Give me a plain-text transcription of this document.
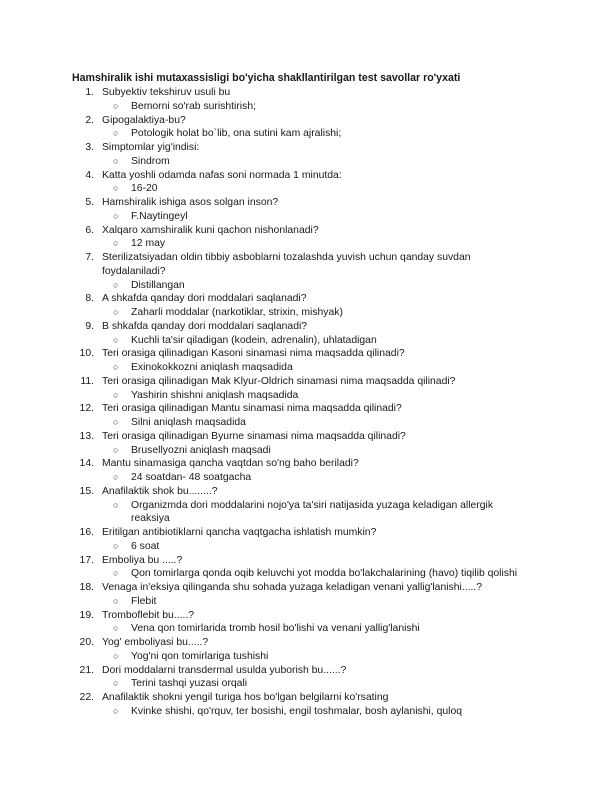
Hamshiralik ishi mutaxassisligi bo'yicha shakllantirilgan test savollar ro'yxati
1. Subyektiv tekshiruv usuli bu
○ Bemorni so'rab surishtirish;
2. Gipogalaktiya-bu?
○ Potologik holat bo`lib, ona sutini kam ajralishi;
3. Simptomlar yig'indisi:
○ Sindrom
4. Katta yoshli odamda nafas soni normada 1 minutda:
○ 16-20
5. Hamshiralik ishiga asos solgan inson?
○ F.Naytingeyl
6. Xalqaro xamshiralik kuni qachon nishonlanadi?
○ 12 may
7. Sterilizatsiyadan oldin tibbiy asboblarni tozalashda yuvish uchun qanday suvdan foydalaniladi?
○ Distillangan
8. A shkafda qanday dori moddalari saqlanadi?
○ Zaharli moddalar (narkotiklar, strixin, mishyak)
9. B shkafda qanday dori moddalari saqlanadi?
○ Kuchli ta'sir qiladigan (kodein, adrenalin), uhlatadigan
10. Teri orasiga qilinadigan Kasoni sinamasi nima maqsadda qilinadi?
○ Exinokokkozni aniqlash maqsadida
11. Teri orasiga qilinadigan Mak Klyur-Oldrich sinamasi nima maqsadda qilinadi?
○ Yashirin shishni aniqlash maqsadida
12. Teri orasiga qilinadigan Mantu sinamasi nima maqsadda qilinadi?
○ Silni aniqlash maqsadida
13. Teri orasiga qilinadigan Byurne sinamasi nima maqsadda qilinadi?
○ Brusellyozni aniqlash maqsadi
14. Mantu sinamasiga qancha vaqtdan so'ng baho beriladi?
○ 24 soatdan- 48 soatgacha
15. Anafilaktik shok bu........?
○ Organizmda dori moddalarini nojo'ya ta'siri natijasida yuzaga keladigan allergik reaksiya
16. Eritilgan antibiotiklarni qancha vaqtgacha ishlatish mumkin?
○ 6 soat
17. Emboliya bu .....?
○ Qon tomirlarga qonda oqib keluvchi yot modda bo'lakchalarining (havo) tiqilib qolishi
18. Venaga in'eksiya qilinganda shu sohada yuzaga keladigan venani yallig'lanishi.....?
○ Flebit
19. Tromboflebit bu.....?
○ Vena qon tomirlarida tromb hosil bo'lishi va venani yallig'lanishi
20. Yog' emboliyasi bu.....?
○ Yog'ni qon tomirlariga tushishi
21. Dori moddalarni transdermal usulda yuborish bu......?
○ Terini tashqi yuzasi orqali
22. Anafilaktik shokni yengil turiga hos bo'lgan belgilarni ko'rsating
○ Kvinke shishi, qo'rquv, ter bosishi, engil toshmalar, bosh aylanishi, quloq
